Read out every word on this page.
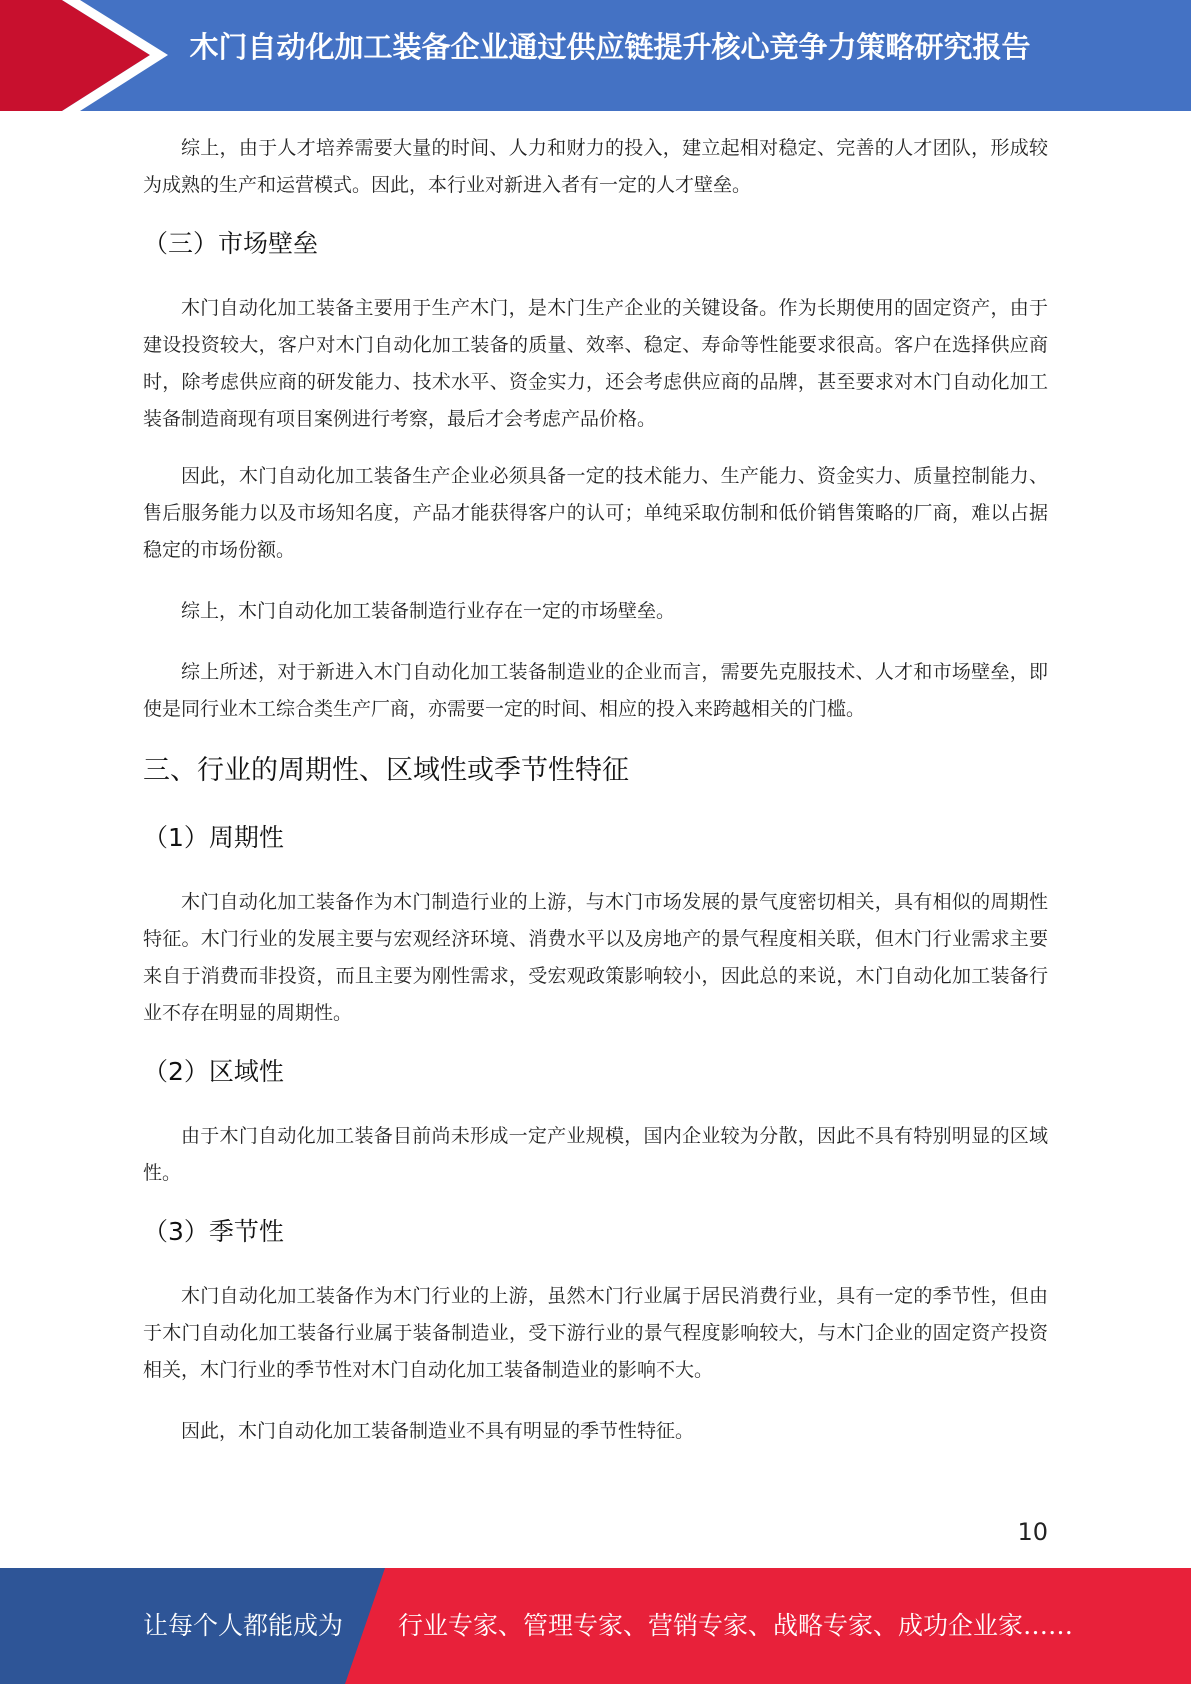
木门自动化加工装备企业通过供应链提升核心竞争力策略研究报告

综上，由于人才培养需要大量的时间、人力和财力的投入，建立起相对稳定、完善的人才团队，形成较为成熟的生产和运营模式。因此，本行业对新进入者有一定的人才壁垒。

（三）市场壁垒

木门自动化加工装备主要用于生产木门，是木门生产企业的关键设备。作为长期使用的固定资产，由于建设投资较大，客户对木门自动化加工装备的质量、效率、稳定、寿命等性能要求很高。客户在选择供应商时，除考虑供应商的研发能力、技术水平、资金实力，还会考虑供应商的品牌，甚至要求对木门自动化加工装备制造商现有项目案例进行考察，最后才会考虑产品价格。

因此，木门自动化加工装备生产企业必须具备一定的技术能力、生产能力、资金实力、质量控制能力、售后服务能力以及市场知名度，产品才能获得客户的认可；单纯采取仿制和低价销售策略的厂商，难以占据稳定的市场份额。

综上，木门自动化加工装备制造行业存在一定的市场壁垒。

综上所述，对于新进入木门自动化加工装备制造业的企业而言，需要先克服技术、人才和市场壁垒，即使是同行业木工综合类生产厂商，亦需要一定的时间、相应的投入来跨越相关的门槛。

三、行业的周期性、区域性或季节性特征
（1）周期性

木门自动化加工装备作为木门制造行业的上游，与木门市场发展的景气度密切相关，具有相似的周期性特征。木门行业的发展主要与宏观经济环境、消费水平以及房地产的景气程度相关联，但木门行业需求主要来自于消费而非投资，而且主要为刚性需求，受宏观政策影响较小，因此总的来说，木门自动化加工装备行业不存在明显的周期性。

（2）区域性

由于木门自动化加工装备目前尚未形成一定产业规模，国内企业较为分散，因此不具有特别明显的区域性。

（3）季节性

木门自动化加工装备作为木门行业的上游，虽然木门行业属于居民消费行业，具有一定的季节性，但由于木门自动化加工装备行业属于装备制造业，受下游行业的景气程度影响较大，与木门企业的固定资产投资相关，木门行业的季节性对木门自动化加工装备制造业的影响不大。

因此，木门自动化加工装备制造业不具有明显的季节性特征。

10

让每个人都能成为 行业专家、管理专家、营销专家、战略专家、成功企业家……
